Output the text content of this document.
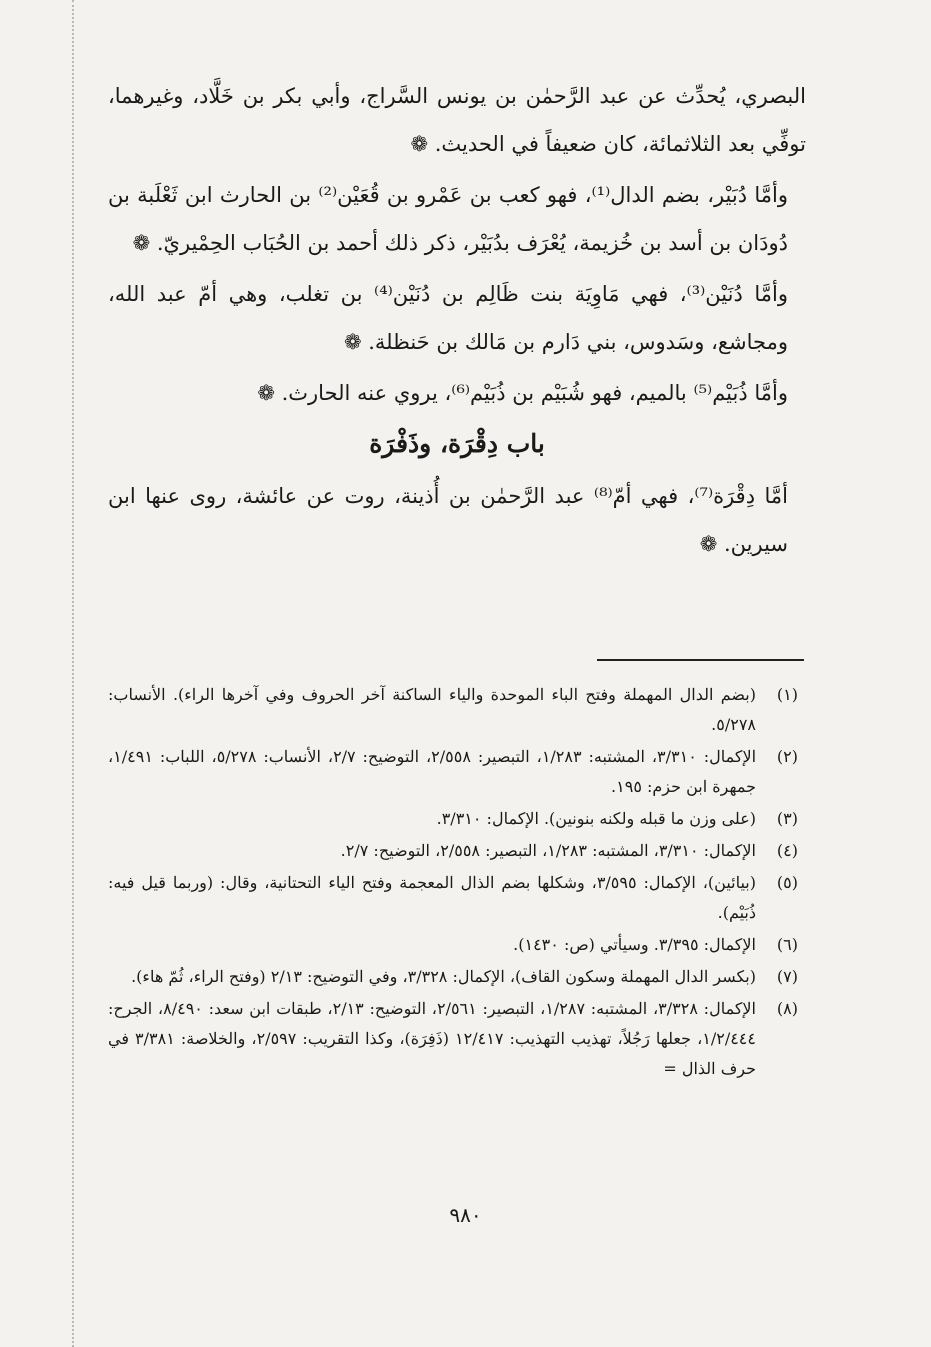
البصري، يُحدِّث عن عبد الرَّحمٰن بن يونس السَّراج، وأبي بكر بن خَلَّاد، وغيرهما، توفِّي بعد الثلاثمائة، كان ضعيفاً في الحديث. ❁

وأمَّا دُبَيْر، بضم الدال⁽¹⁾، فهو كعب بن عَمْرو بن قُعَيْن⁽²⁾ بن الحارث ابن ثَعْلَبة بن دُودَان بن أسد بن خُزيمة، يُعْرَف بدُبَيْر، ذكر ذلك أحمد بن الحُبَاب الحِمْيريّ. ❁

وأمَّا دُنَيْن⁽³⁾، فهي مَاوِيَة بنت ظَالِم بن دُنَيْن⁽⁴⁾ بن تغلب، وهي أمّ عبد الله، ومجاشع، وسَدوس، بني دَارم بن مَالك بن حَنظلة. ❁

وأمَّا ذُبَيْم⁽⁵⁾ بالميم، فهو شُبَيْم بن ذُبَيْم⁽⁶⁾، يروي عنه الحارث. ❁

باب دِقْرَة، وذَفْرَة

أمَّا دِقْرَة⁽⁷⁾، فهي أمّ⁽⁸⁾ عبد الرَّحمٰن بن أُذينة، روت عن عائشة، روى عنها ابن سيرين. ❁

(١)
(بضم الدال المهملة وفتح الباء الموحدة والياء الساكنة آخر الحروف وفي آخرها الراء). الأنساب: ٥/٢٧٨.
(٢)
الإكمال: ٣/٣١٠، المشتبه: ١/٢٨٣، التبصير: ٢/٥٥٨، التوضيح: ٢/٧، الأنساب: ٥/٢٧٨، اللباب: ١/٤٩١، جمهرة ابن حزم: ١٩٥.
(٣)
(على وزن ما قبله ولكنه بنونين). الإكمال: ٣/٣١٠.
(٤)
الإكمال: ٣/٣١٠، المشتبه: ١/٢٨٣، التبصير: ٢/٥٥٨، التوضيح: ٢/٧.
(٥)
(بيائين)، الإكمال: ٣/٥٩٥، وشكلها بضم الذال المعجمة وفتح الياء التحتانية، وقال: (وربما قيل فيه: ذُبَيْم).
(٦)
الإكمال: ٣/٣٩٥. وسيأتي (ص: ١٤٣٠).
(٧)
(بكسر الدال المهملة وسكون القاف)، الإكمال: ٣/٣٢٨، وفي التوضيح: ٢/١٣ (وفتح الراء، ثُمّ هاء).
(٨)
الإكمال: ٣/٣٢٨، المشتبه: ١/٢٨٧، التبصير: ٢/٥٦١، التوضيح: ٢/١٣، طبقات ابن سعد: ٨/٤٩٠، الجرح: ١/٢/٤٤٤، جعلها رَجُلاً، تهذيب التهذيب: ١٢/٤١٧ (ذَفِرَة)، وكذا التقريب: ٢/٥٩٧، والخلاصة: ٣/٣٨١ في حرف الذال =
٩٨٠
